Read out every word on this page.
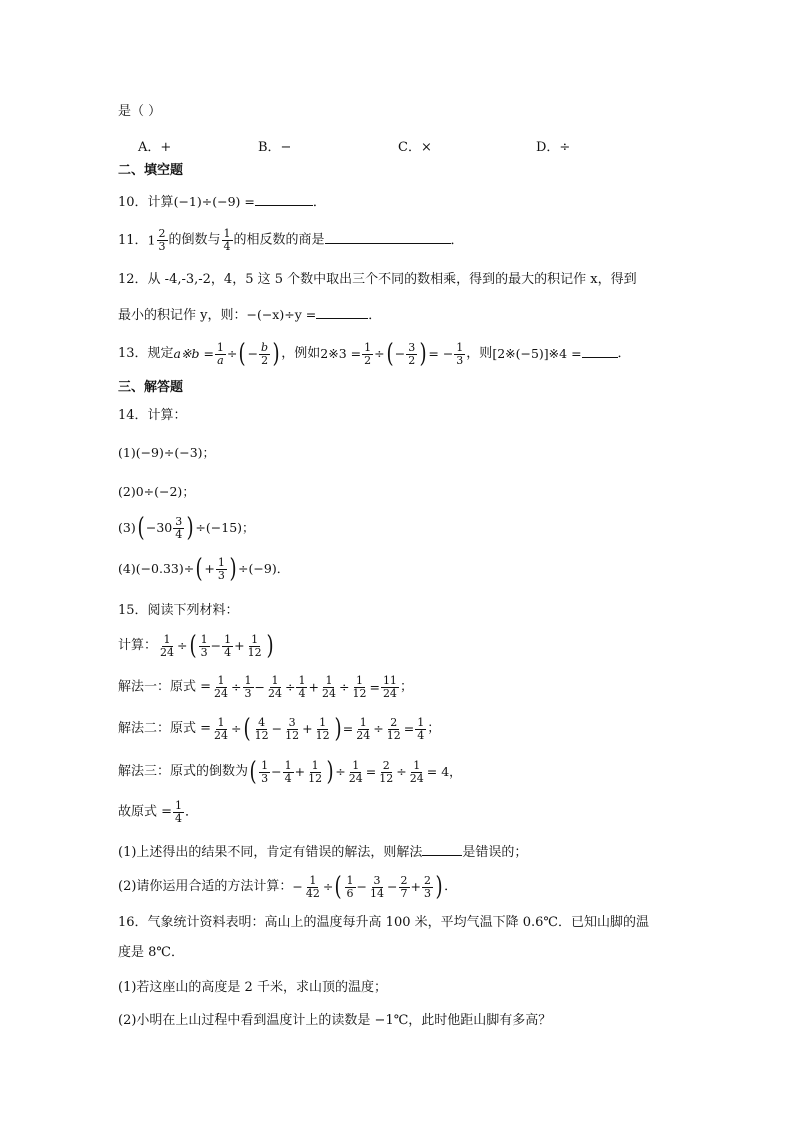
是（ ）
A．+	B．−	C．×	D．÷
二、填空题
10．计算(−1)÷(−9) =	．
11．$1 \frac{2}{3}$ 的倒数与 $\frac{1}{4}$ 的相反数的商是	．
12．从 -4,-3,-2，4，5 这 5 个数中取出三个不同的数相乘，得到的最大的积记作 x，得到
最小的积记作 y，则：−(−x)÷y =	．
13．规定a※b = $\frac{1}{a}$ ÷( − $\frac{b}{2}$ ) ，例如2※3 = $\frac{1}{2}$ ÷( − $\frac{3}{2}$ ) = − $\frac{1}{3}$ ，则[2※(−5)]※4 =	．
三、解答题
14．计算：
(1)(−9)÷(−3)；
(2)0÷(−2)；
$(3)( -30 \frac{3}{4}$ ) ÷(−15)；
$(4)(-0.33)\div( + \frac{1}{3}$ ) ÷(−9)．
15．阅读下列材料：
计算： $\frac{1}{24}$ ÷( $\frac{1}{3} - \frac{1}{4} + \frac{1}{12}$ )
解法一：原式 = $\frac{1}{24} \div \frac{1}{3} - \frac{1}{24} \div \frac{1}{4} + \frac{1}{24} \div \frac{1}{12} = \frac{11}{24}$ ；
解法二：原式 = $\frac{1}{24}$ ÷( $\frac{4}{12} - \frac{3}{12} + \frac{1}{12}$ ) = $\frac{1}{24} \div \frac{2}{12} = \frac{1}{4}$ ；
解法三：原式的倒数为( $\frac{1}{3} - \frac{1}{4} + \frac{1}{12}$ ) ÷ $\frac{1}{24} = \frac{2}{12} \div \frac{1}{24} = 4$，
故原式 = $\frac{1}{4}$ ．
(1)上述得出的结果不同，肯定有错误的解法，则解法	是错误的；
(2)请你运用合适的方法计算：− $\frac{1}{42}$ ÷( $\frac{1}{6} - \frac{3}{14} - \frac{2}{7} + \frac{2}{3}$ ) ．
16．气象统计资料表明：高山上的温度每升高 100 米，平均气温下降 0.6℃．已知山脚的温
度是 8℃．
(1)若这座山的高度是 2 千米，求山顶的温度；
(2)小明在上山过程中看到温度计上的读数是 −1℃，此时他距山脚有多高？
